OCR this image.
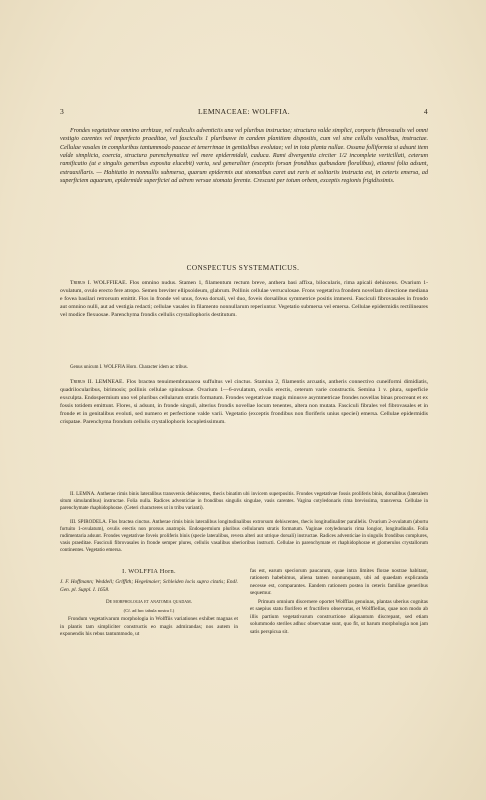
3	LEMNACEAE: WOLFFIA.	4

Frondes vegetativae omnino arrhizae, vel radiculis adventiciis una vel pluribus instructae; structura valde simplici, corporis fibrovasalis vel omni vestigio carentes vel imperfecto praeditae, vel fasciculis 1 pluribusve in candem planitiem dispositis, cum vel sine cellulis vasalibus, instructae. Cellulae vasales in compluribus tantummodo paucae et tenerrimae in genitalibus evolutae; vel in tota planta nullae. Ossana folliformia si adsunt item valde simplicia, coercia, structura parenchymatica vel mere epidermidali, caduca. Rami divergentia circiter 1/2 incomplete verticillati, ceterum ramificatio (ut e singulis generibus exposita elucebit) varia, sed generaliter (exceptis forsan frondibus quibusdam floralibus), etiamsi folia adsunt, extraaxillaris. — Habitatio in nonnullis submersa, quarum epidermis aut stomatibus caret aut raris et solitariis instructa est, in ceteris emersa, ad superficiem aquarum, epidermide superficiei ad aërem versae stomata ferente. Crescunt per totum orbem, exceptis regionis frigidissimis.

CONSPECTUS SYSTEMATICUS.

Tribus I. WOLFFIEAE. Flos omnino nudus. Stamen 1, filamentum rectum breve, anthera basi affixa, bilocularis, rima apicali dehiscens. Ovarium 1-ovulatum, ovulo erecto fere atropo. Semen breviter ellipsoideum, glabrum. Pollinis cellulae verruculosae. Frons vegetativa frondem novellam directione mediana e fovea basilari retrorsum emittit. Flos in fronde vel unus, fovea dorsali, vel duo, foveis dorsalibus symmetrice positis immersi. Fasciculi fibrovasales in frondo aut omnino nulli, aut ad vestigia redacti; cellulae vasales in filamento nonnullarum reperiuntur. Vegetatio submersa vel emersa. Cellulae epidermidis rectilineares vel modice flexuosae. Parenchyma frondis cellulis crystallophoris destitutum.

Genus unicum I. WOLFFIA Horn. Character idem ac tribus.

Tribus II. LEMNEAE. Flos bractea tenuimembranacea suffultus vel cinctus. Stamina 2, filamentis arcuatis, antheris connectivo cuneiformi dimidiatis, quadrilocularibus, birimosis; pollinis cellulae spinulosae. Ovarium 1—6-ovulatum, ovulis erectis, ceterum varie constructis. Semina 1 v. plura, superficie exsculpta. Endospermium uno vel pluribus cellularum stratis formatum. Frondes vegetativae magis minusve asymmetricae frondes novellas binas procreant et ex fossis totidem emittunt. Flores, si adsunt, in fronde singuli, alterius frondis novellae locum tenentes, altera non mutata. Fasciculi fibrales vel fibrovasales et in fronde et in genitalibus evoluti, sed numero et perfectione valde varii. Vegetatio (exceptis frondibus non floriferis unius speciei) emersa. Cellulae epidermidis crispatae. Parenchyma frondum cellulis crystallophoris locupletissimum.

II. LEMNA. Antherae rimis binis lateralibus transversis dehiscentes, thecis binatim ubi invicem superpositis. Frondes vegetativae fossis proliferis binis, dorsalibus (lateralem situm simulantibus) instructae. Folia nulla. Radices adventiciae in frondibus singulis singulae, vasis carentes. Vagina cotyledonaris rima brevissima, transversa. Cellulae in parenchymate rhaphidophorae. (Ceteri characteres ut in tribu varianti).

III. SPIRODELA. Flos bractea cinctus. Antherae rimis binis lateralibus longitudinalibus extrorsum dehiscentes, thecis longitudinaliter parallelis. Ovarium 2-ovulatum (abortu fortuito 1-ovulatum), ovulis erectis non prorsus anatropis. Endospermium pluribus cellularum stratis formatum. Vaginae cotyledonaris rima longior, longitudinalis. Folia rudimentaria adsunt. Frondes vegetativae foveis proliferis binis (specie lateralibus, revera alteri aut utrique dorsali) instructae. Radices adventiciae in singulis frondibus complures, vasis praeditae. Fasciculi fibrovasales in fronde semper plures, cellulis vasalibus uberioribus instructi. Cellulae in parenchymate et rhaphidophorae et glomerulos crystallorum continentes. Vegetatio emersa.

I. WOLFFIA Horn.

J. F. Hoffmann; Weddell; Griffith; Hegelmaier; Schleiden locis supra citatis; Endl. Gen. pl. Suppl. I. 1658.

De morphologia et anatomia quadam.
(Cf. ad hoc tabula nostra I.)

Frondum vegetativarum morphologia in Wolffiis variationes exhibet magnas et in plantis tam simpliciter constructis eo magis admirandas; nos autem in exponendis his rebus tantummodo, ut

fas est, earum speciorum paucarum, quae intra limites florae nostrae habitant, rationem habebimus, aliena tamen nonnunquam, ubi ad quaedam explicanda necesse est, comparantes. Eandem rationem postea in ceteris familiae generibus sequemur.

Primum omnium discernere oportet Wolffias genuinas, plantas uberius cognitas et saepius statu florifero et fructifero observatas, et Wolffiellas, quae non modo ab illis partium vegetativarum constructione aliquantum discrepant, sed etiam solummodo steriles adhuc observatae sunt, quo fit, ut harum morphologia non jam satis perspicua sit.
